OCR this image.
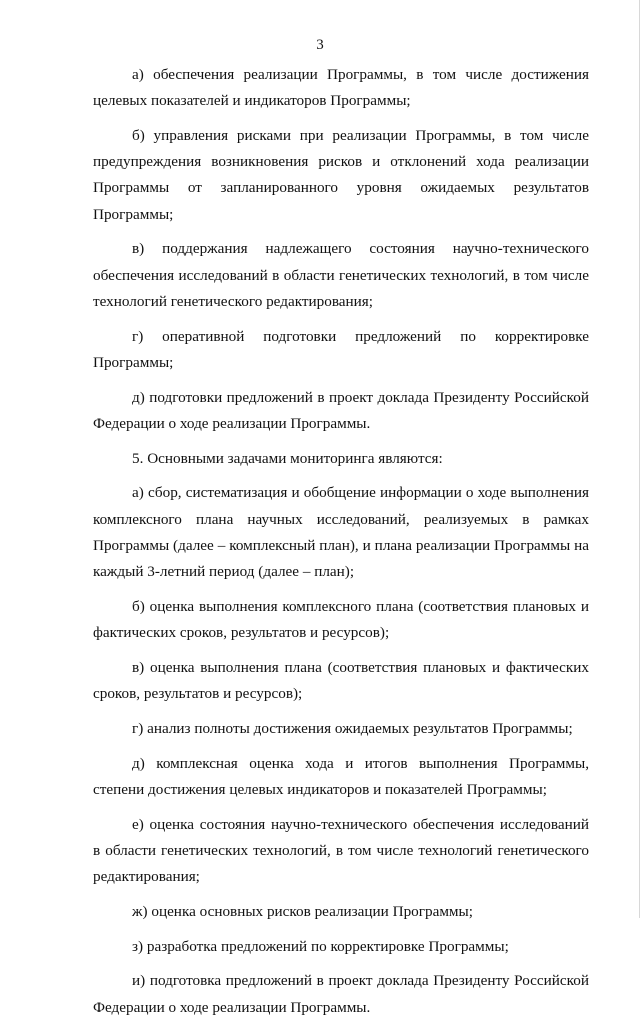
3

а) обеспечения реализации Программы, в том числе достижения целевых показателей и индикаторов Программы;

б) управления рисками при реализации Программы, в том числе предупреждения возникновения рисков и отклонений хода реализации Программы от запланированного уровня ожидаемых результатов Программы;

в) поддержания надлежащего состояния научно-технического обеспечения исследований в области генетических технологий, в том числе технологий генетического редактирования;

г) оперативной подготовки предложений по корректировке Программы;

д) подготовки предложений в проект доклада Президенту Российской Федерации о ходе реализации Программы.

5. Основными задачами мониторинга являются:

а) сбор, систематизация и обобщение информации о ходе выполнения комплексного плана научных исследований, реализуемых в рамках Программы (далее – комплексный план), и плана реализации Программы на каждый 3-летний период (далее – план);

б) оценка выполнения комплексного плана (соответствия плановых и фактических сроков, результатов и ресурсов);

в) оценка выполнения плана (соответствия плановых и фактических сроков, результатов и ресурсов);

г) анализ полноты достижения ожидаемых результатов Программы;

д) комплексная оценка хода и итогов выполнения Программы, степени достижения целевых индикаторов и показателей Программы;

е) оценка состояния научно-технического обеспечения исследований в области генетических технологий, в том числе технологий генетического редактирования;

ж) оценка основных рисков реализации Программы;

з) разработка предложений по корректировке Программы;

и) подготовка предложений в проект доклада Президенту Российской Федерации о ходе реализации Программы.
